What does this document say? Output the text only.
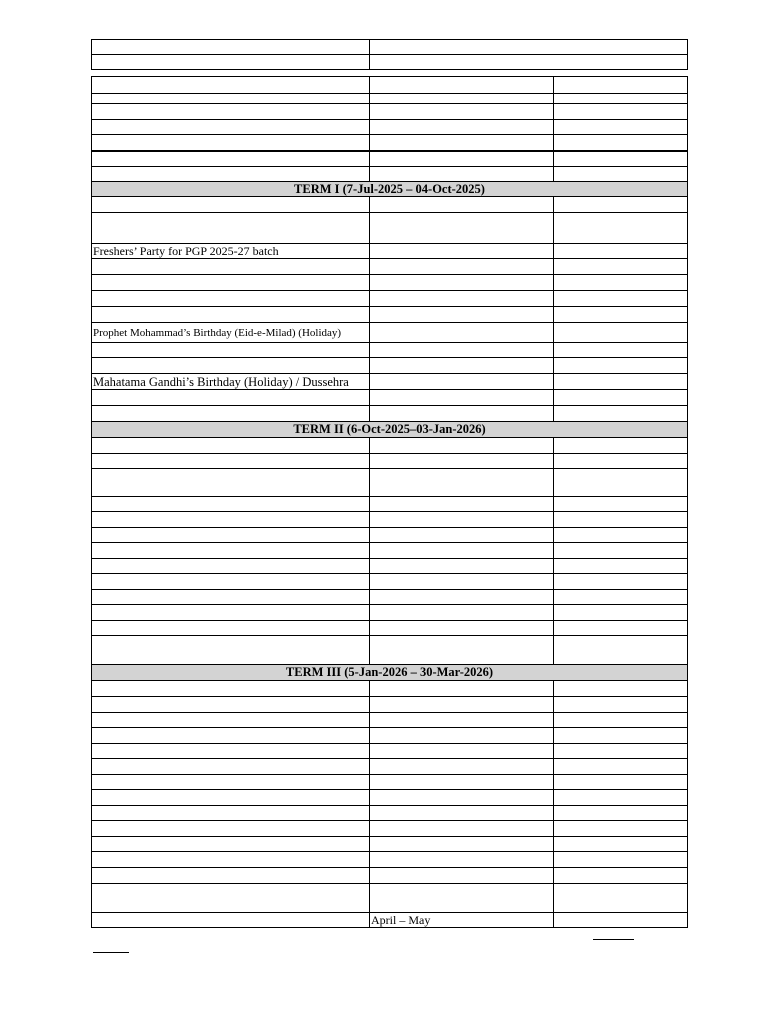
TERM I (7-Jul-2025 – 04-Oct-2025)		

Freshers’ Party for PGP 2025-27 batch		

Prophet Mohammad’s Birthday (Eid-e-Milad) (Holiday)		

Mahatama Gandhi’s Birthday (Holiday) / Dussehra		

TERM II (6-Oct-2025–03-Jan-2026)		

TERM III (5-Jan-2026 – 30-Mar-2026)		

	April – May	
